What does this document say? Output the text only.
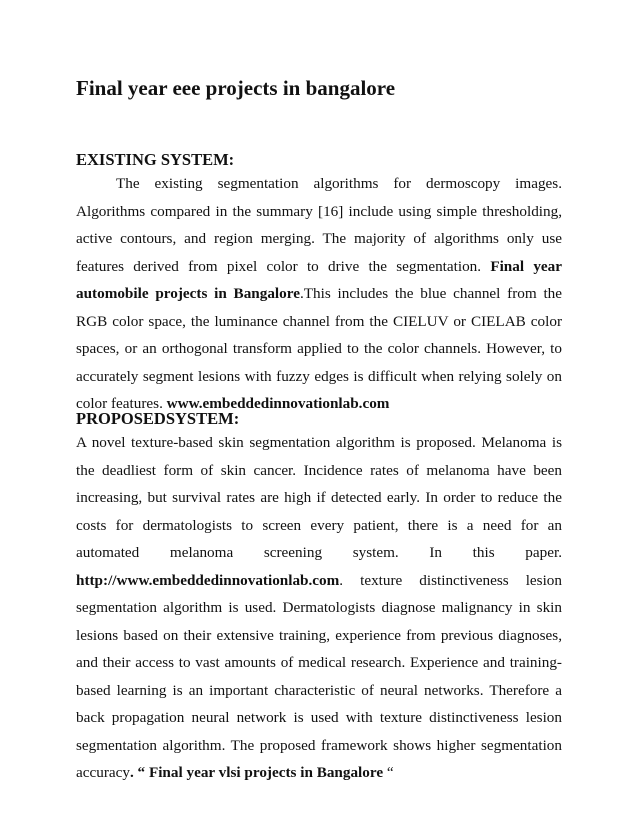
Final year eee projects in bangalore
EXISTING SYSTEM:

The existing segmentation algorithms for dermoscopy images. Algorithms compared in the summary [16] include using simple thresholding, active contours, and region merging. The majority of algorithms only use features derived from pixel color to drive the segmentation. Final year automobile projects in Bangalore.This includes the blue channel from the RGB color space, the luminance channel from the CIELUV or CIELAB color spaces, or an orthogonal transform applied to the color channels. However, to accurately segment lesions with fuzzy edges is difficult when relying solely on color features. www.embeddedinnovationlab.com

PROPOSEDSYSTEM:

A novel texture-based skin segmentation algorithm is proposed. Melanoma is the deadliest form of skin cancer. Incidence rates of melanoma have been increasing, but survival rates are high if detected early. In order to reduce the costs for dermatologists to screen every patient, there is a need for an automated melanoma screening system. In this paper. http://www.embeddedinnovationlab.com. texture distinctiveness lesion segmentation algorithm is used. Dermatologists diagnose malignancy in skin lesions based on their extensive training, experience from previous diagnoses, and their access to vast amounts of medical research. Experience and training-based learning is an important characteristic of neural networks. Therefore a back propagation neural network is used with texture distinctiveness lesion segmentation algorithm. The proposed framework shows higher segmentation accuracy. “ Final year vlsi projects in Bangalore “
